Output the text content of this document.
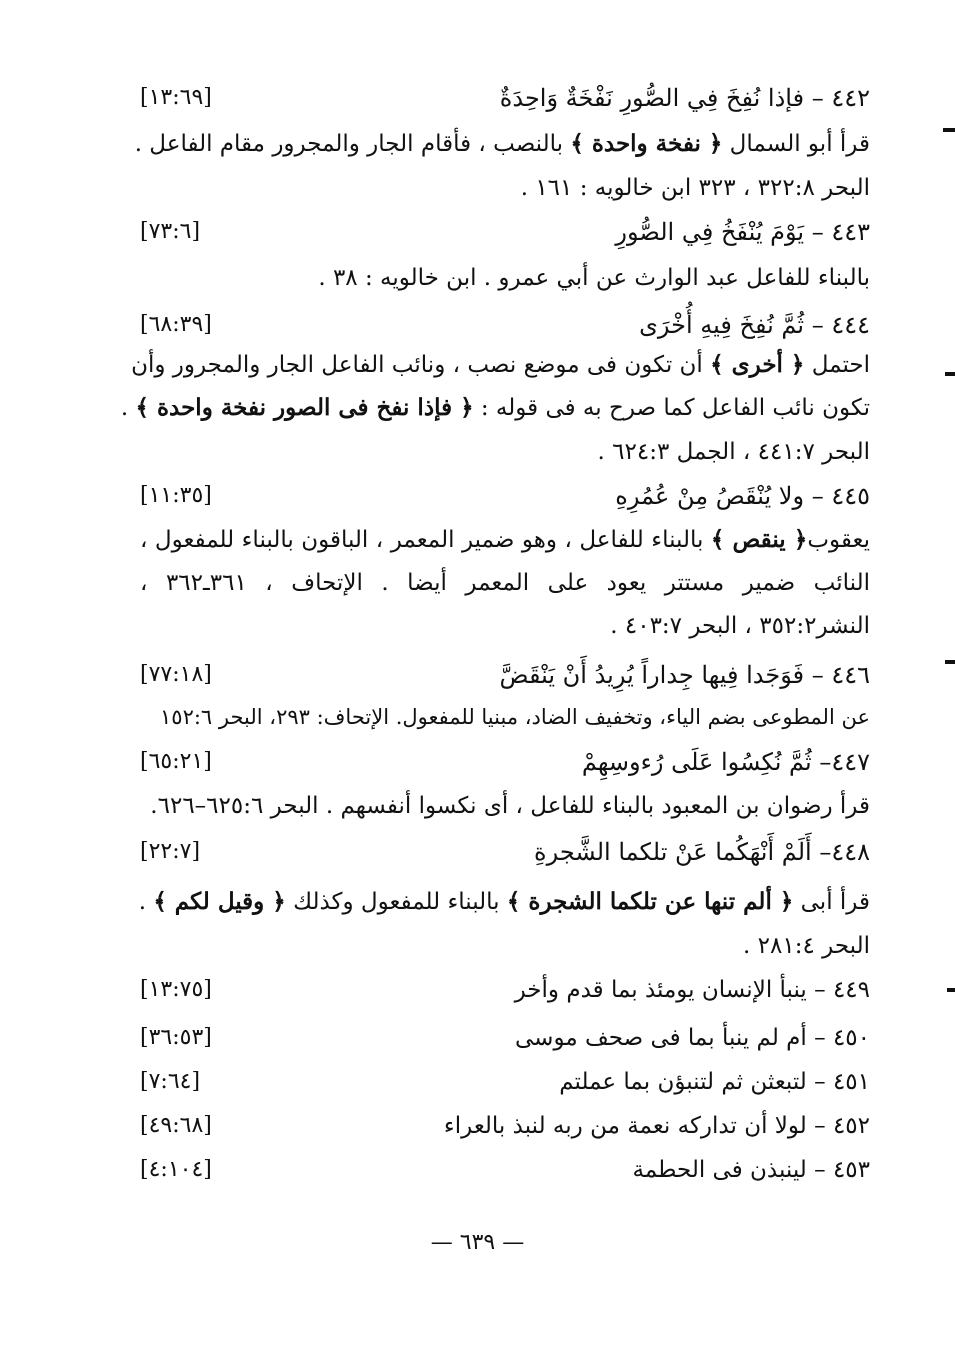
٤٤٢ – فإذا نُفِخَ فِي الصُّورِ نَفْخَةٌ وَاحِدَةٌ
[١٣:٦٩]
قرأ أبو السمال ﴿ نفخة واحدة ﴾ بالنصب ، فأقام الجار والمجرور مقام الفاعل .
البحر ٣٢٢:٨ ، ٣٢٣ ابن خالويه : ١٦١ .
٤٤٣ – يَوْمَ يُنْفَخُ فِي الصُّورِ
[٧٣:٦]
بالبناء للفاعل عبد الوارث عن أبي عمرو . ابن خالويه : ٣٨ .
٤٤٤ – ثُمَّ نُفِخَ فِيهِ أُخْرَى
[٦٨:٣٩]
احتمل ﴿ أخرى ﴾ أن تكون فى موضع نصب ، ونائب الفاعل الجار والمجرور وأن
تكون نائب الفاعل كما صرح به فى قوله : ﴿ فإذا نفخ فى الصور نفخة واحدة ﴾ .
البحر ٤٤١:٧ ، الجمل ٦٢٤:٣ .
٤٤٥ – ولا يُنْقَصُ مِنْ عُمُرِهِ
[١١:٣٥]
يعقوب﴿ ينقص ﴾ بالبناء للفاعل ، وهو ضمير المعمر ، الباقون بالبناء للمفعول ،
النائب ضمير مستتر يعود على المعمر أيضا . الإتحاف ، ٣٦١ـ٣٦٢ ،
النشر٣٥٢:٢ ، البحر ٤٠٣:٧ .
٤٤٦ – فَوَجَدا فِيها جِداراً يُرِيدُ أَنْ يَنْقَضَّ
[٧٧:١٨]
عن المطوعى بضم الياء، وتخفيف الضاد، مبنيا للمفعول. الإتحاف: ٢٩٣، البحر ١٥٢:٦
٤٤٧– ثُمَّ نُكِسُوا عَلَى رُءوسِهِمْ
[٦٥:٢١]
قرأ رضوان بن المعبود بالبناء للفاعل ، أى نكسوا أنفسهم . البحر ٦٢٥:٦–٦٢٦.
٤٤٨– أَلَمْ أَنْهَكُما عَنْ تلكما الشَّجرةِ
[٢٢:٧]
قرأ أبى ﴿ ألم تنها عن تلكما الشجرة ﴾ بالبناء للمفعول وكذلك ﴿ وقيل لكم ﴾ .
البحر ٢٨١:٤ .
٤٤٩ – ينبأ الإنسان يومئذ بما قدم وأخر
[١٣:٧٥]
٤٥٠ – أم لم ينبأ بما فى صحف موسى
[٣٦:٥٣]
٤٥١ – لتبعثن ثم لتنبؤن بما عملتم
[٧:٦٤]
٤٥٢ – لولا أن تداركه نعمة من ربه لنبذ بالعراء
[٤٩:٦٨]
٤٥٣ – لينبذن فى الحطمة
[٤:١٠٤]
— ٦٣٩ —
